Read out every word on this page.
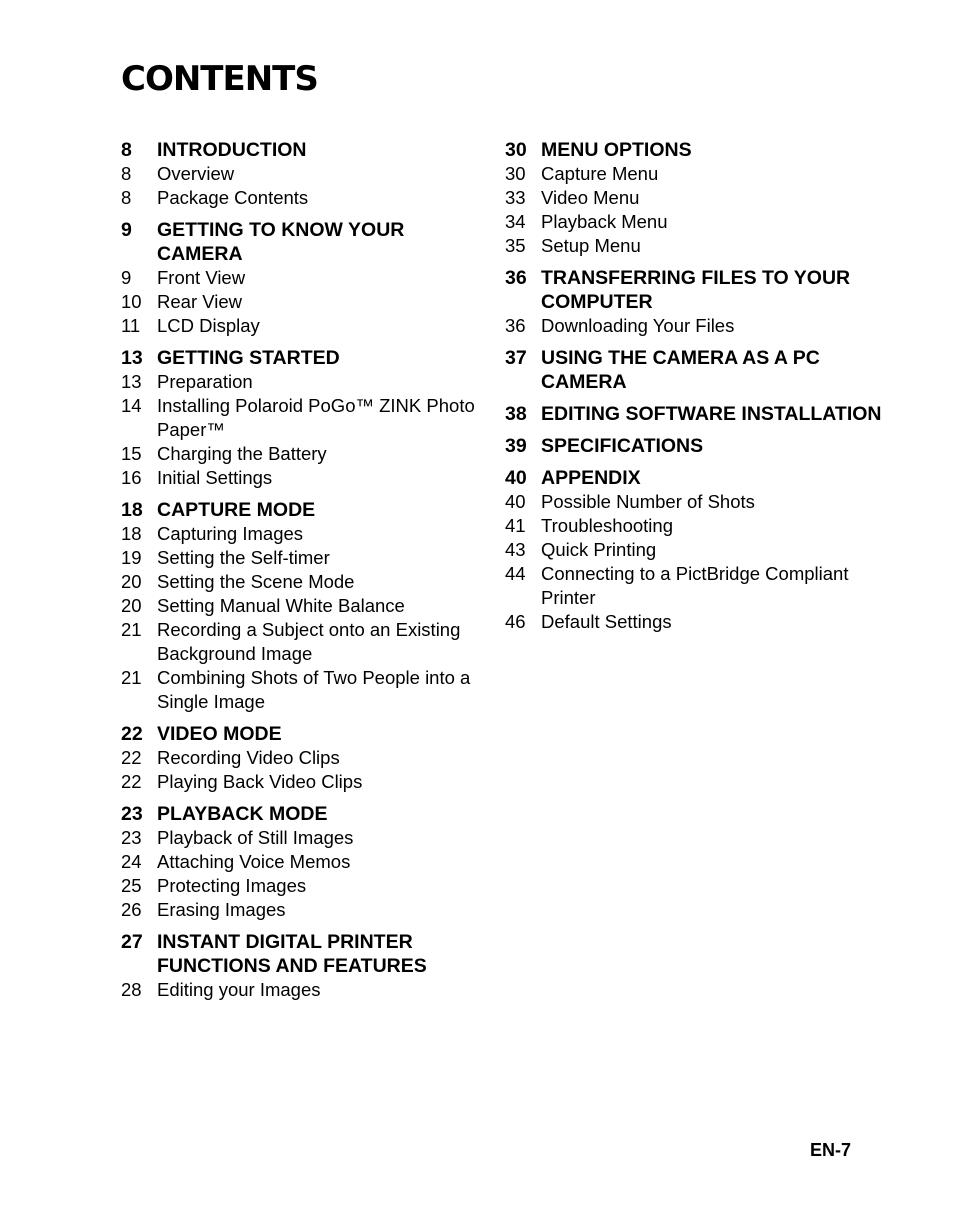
CONTENTS
8	INTRODUCTION
8	Overview
8	Package Contents
9	GETTING TO KNOW YOUR CAMERA
9	Front View
10 Rear View
11 LCD Display
13 GETTING STARTED
13 Preparation
14 Installing Polaroid PoGo™ ZINK Photo Paper™
15 Charging the Battery
16 Initial Settings
18 CAPTURE MODE
18 Capturing Images
19 Setting the Self-timer
20 Setting the Scene Mode
20 Setting Manual White Balance
21 Recording a Subject onto an Existing Background Image
21 Combining Shots of Two People into a Single Image
22 VIDEO MODE
22 Recording Video Clips
22 Playing Back Video Clips
23 PLAYBACK MODE
23 Playback of Still Images
24 Attaching Voice Memos
25 Protecting Images
26 Erasing Images
27 INSTANT DIGITAL PRINTER FUNCTIONS AND FEATURES
28 Editing your Images
30 MENU OPTIONS
30 Capture Menu
33 Video Menu
34 Playback Menu
35 Setup Menu
36 TRANSFERRING FILES TO YOUR COMPUTER
36 Downloading Your Files
37 USING THE CAMERA AS A PC CAMERA
38 EDITING SOFTWARE INSTALLATION
39 SPECIFICATIONS
40 APPENDIX
40 Possible Number of Shots
41 Troubleshooting
43 Quick Printing
44 Connecting to a PictBridge Compliant Printer
46 Default Settings
EN-7
